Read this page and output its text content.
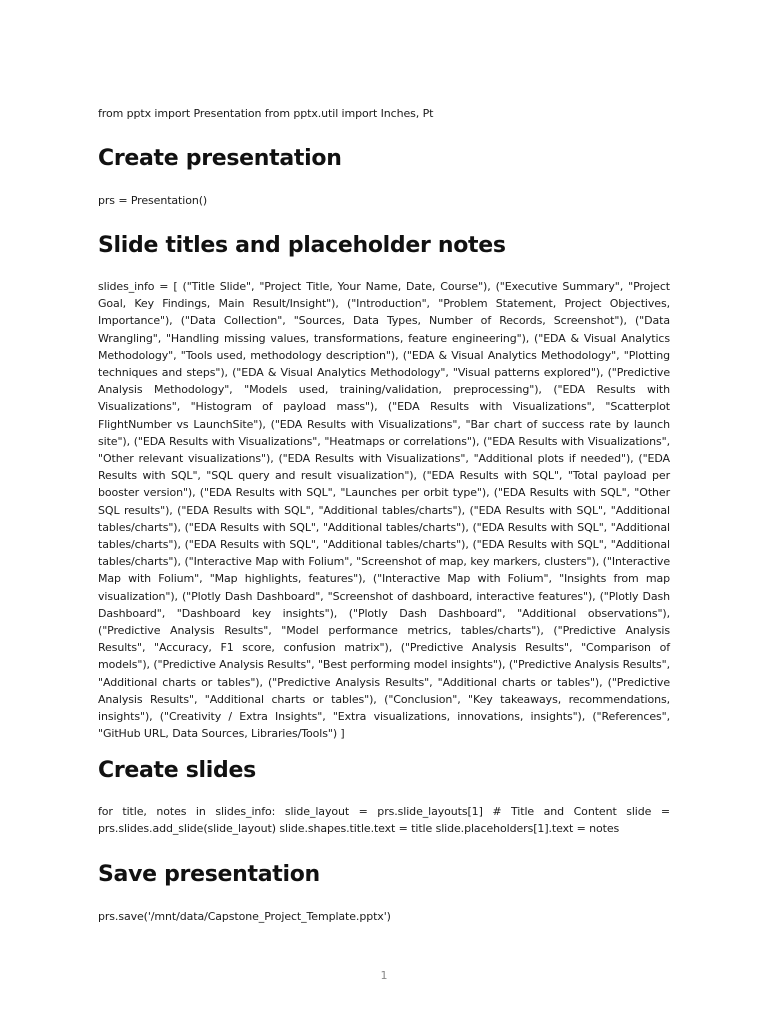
from pptx import Presentation from pptx.util import Inches, Pt

Create presentation

prs = Presentation()

Slide titles and placeholder notes

slides_info = [ ("Title Slide", "Project Title, Your Name, Date, Course"), ("Executive Summary", "Project Goal, Key Findings, Main Result/Insight"), ("Introduction", "Problem Statement, Project Objectives, Importance"), ("Data Collection", "Sources, Data Types, Number of Records, Screenshot"), ("Data Wrangling", "Handling missing values, transformations, feature engineering"), ("EDA & Visual Analytics Methodology", "Tools used, methodology description"), ("EDA & Visual Analytics Methodology", "Plotting techniques and steps"), ("EDA & Visual Analytics Methodology", "Visual patterns explored"), ("Predictive Analysis Methodology", "Models used, training/validation, preprocessing"), ("EDA Results with Visualizations", "Histogram of payload mass"), ("EDA Results with Visualizations", "Scatterplot FlightNumber vs LaunchSite"), ("EDA Results with Visualizations", "Bar chart of success rate by launch site"), ("EDA Results with Visualizations", "Heatmaps or correlations"), ("EDA Results with Visualizations", "Other relevant visualizations"), ("EDA Results with Visualizations", "Additional plots if needed"), ("EDA Results with SQL", "SQL query and result visualization"), ("EDA Results with SQL", "Total payload per booster version"), ("EDA Results with SQL", "Launches per orbit type"), ("EDA Results with SQL", "Other SQL results"), ("EDA Results with SQL", "Additional tables/charts"), ("EDA Results with SQL", "Additional tables/charts"), ("EDA Results with SQL", "Additional tables/charts"), ("EDA Results with SQL", "Additional tables/charts"), ("EDA Results with SQL", "Additional tables/charts"), ("EDA Results with SQL", "Additional tables/charts"), ("Interactive Map with Folium", "Screenshot of map, key markers, clusters"), ("Interactive Map with Folium", "Map highlights, features"), ("Interactive Map with Folium", "Insights from map visualization"), ("Plotly Dash Dashboard", "Screenshot of dashboard, interactive features"), ("Plotly Dash Dashboard", "Dashboard key insights"), ("Plotly Dash Dashboard", "Additional observations"), ("Predictive Analysis Results", "Model performance metrics, tables/charts"), ("Predictive Analysis Results", "Accuracy, F1 score, confusion matrix"), ("Predictive Analysis Results", "Comparison of models"), ("Predictive Analysis Results", "Best performing model insights"), ("Predictive Analysis Results", "Additional charts or tables"), ("Predictive Analysis Results", "Additional charts or tables"), ("Predictive Analysis Results", "Additional charts or tables"), ("Conclusion", "Key takeaways, recommendations, insights"), ("Creativity / Extra Insights", "Extra visualizations, innovations, insights"), ("References", "GitHub URL, Data Sources, Libraries/Tools") ]

Create slides

for title, notes in slides_info: slide_layout = prs.slide_layouts[1] # Title and Content slide = prs.slides.add_slide(slide_layout) slide.shapes.title.text = title slide.placeholders[1].text = notes

Save presentation

prs.save('/mnt/data/Capstone_Project_Template.pptx')

1
